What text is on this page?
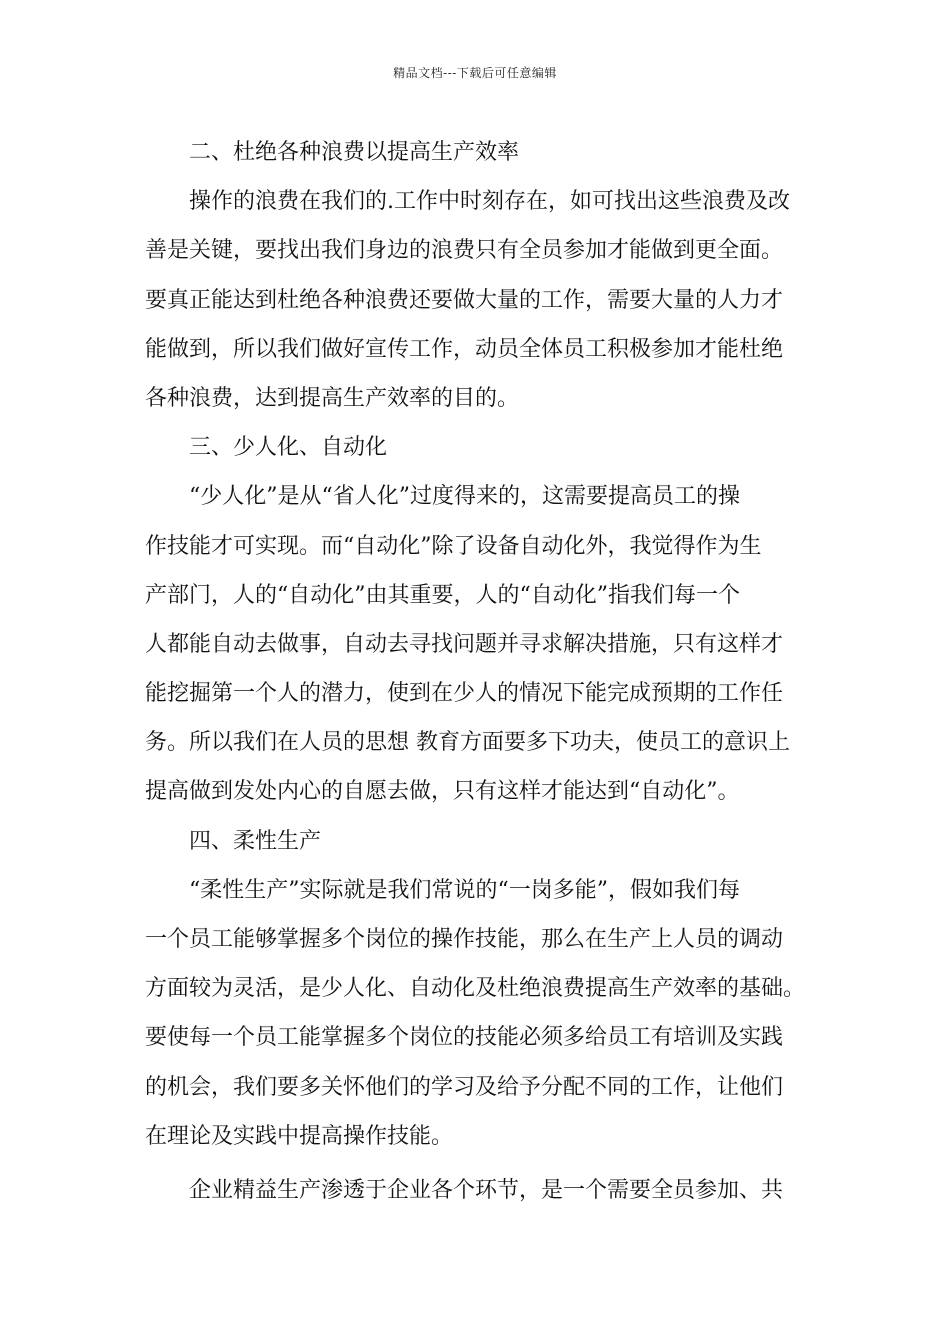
精品文档---下载后可任意编辑
二、杜绝各种浪费以提高生产效率
操作的浪费在我们的.工作中时刻存在，如可找出这些浪费及改
善是关键，要找出我们身边的浪费只有全员参加才能做到更全面。
要真正能达到杜绝各种浪费还要做大量的工作，需要大量的人力才
能做到，所以我们做好宣传工作，动员全体员工积极参加才能杜绝
各种浪费，达到提高生产效率的目的。
三、少人化、自动化
“少人化”是从“省人化”过度得来的，这需要提高员工的操
作技能才可实现。而“自动化”除了设备自动化外，我觉得作为生
产部门，人的“自动化”由其重要，人的“自动化”指我们每一个
人都能自动去做事，自动去寻找问题并寻求解决措施，只有这样才
能挖掘第一个人的潜力，使到在少人的情况下能完成预期的工作任
务。所以我们在人员的思想 教育方面要多下功夫，使员工的意识上
提高做到发处内心的自愿去做，只有这样才能达到“自动化”。
四、柔性生产
“柔性生产”实际就是我们常说的“一岗多能”，假如我们每
一个员工能够掌握多个岗位的操作技能，那么在生产上人员的调动
方面较为灵活，是少人化、自动化及杜绝浪费提高生产效率的基础。
要使每一个员工能掌握多个岗位的技能必须多给员工有培训及实践
的机会，我们要多关怀他们的学习及给予分配不同的工作，让他们
在理论及实践中提高操作技能。
企业精益生产渗透于企业各个环节，是一个需要全员参加、共
